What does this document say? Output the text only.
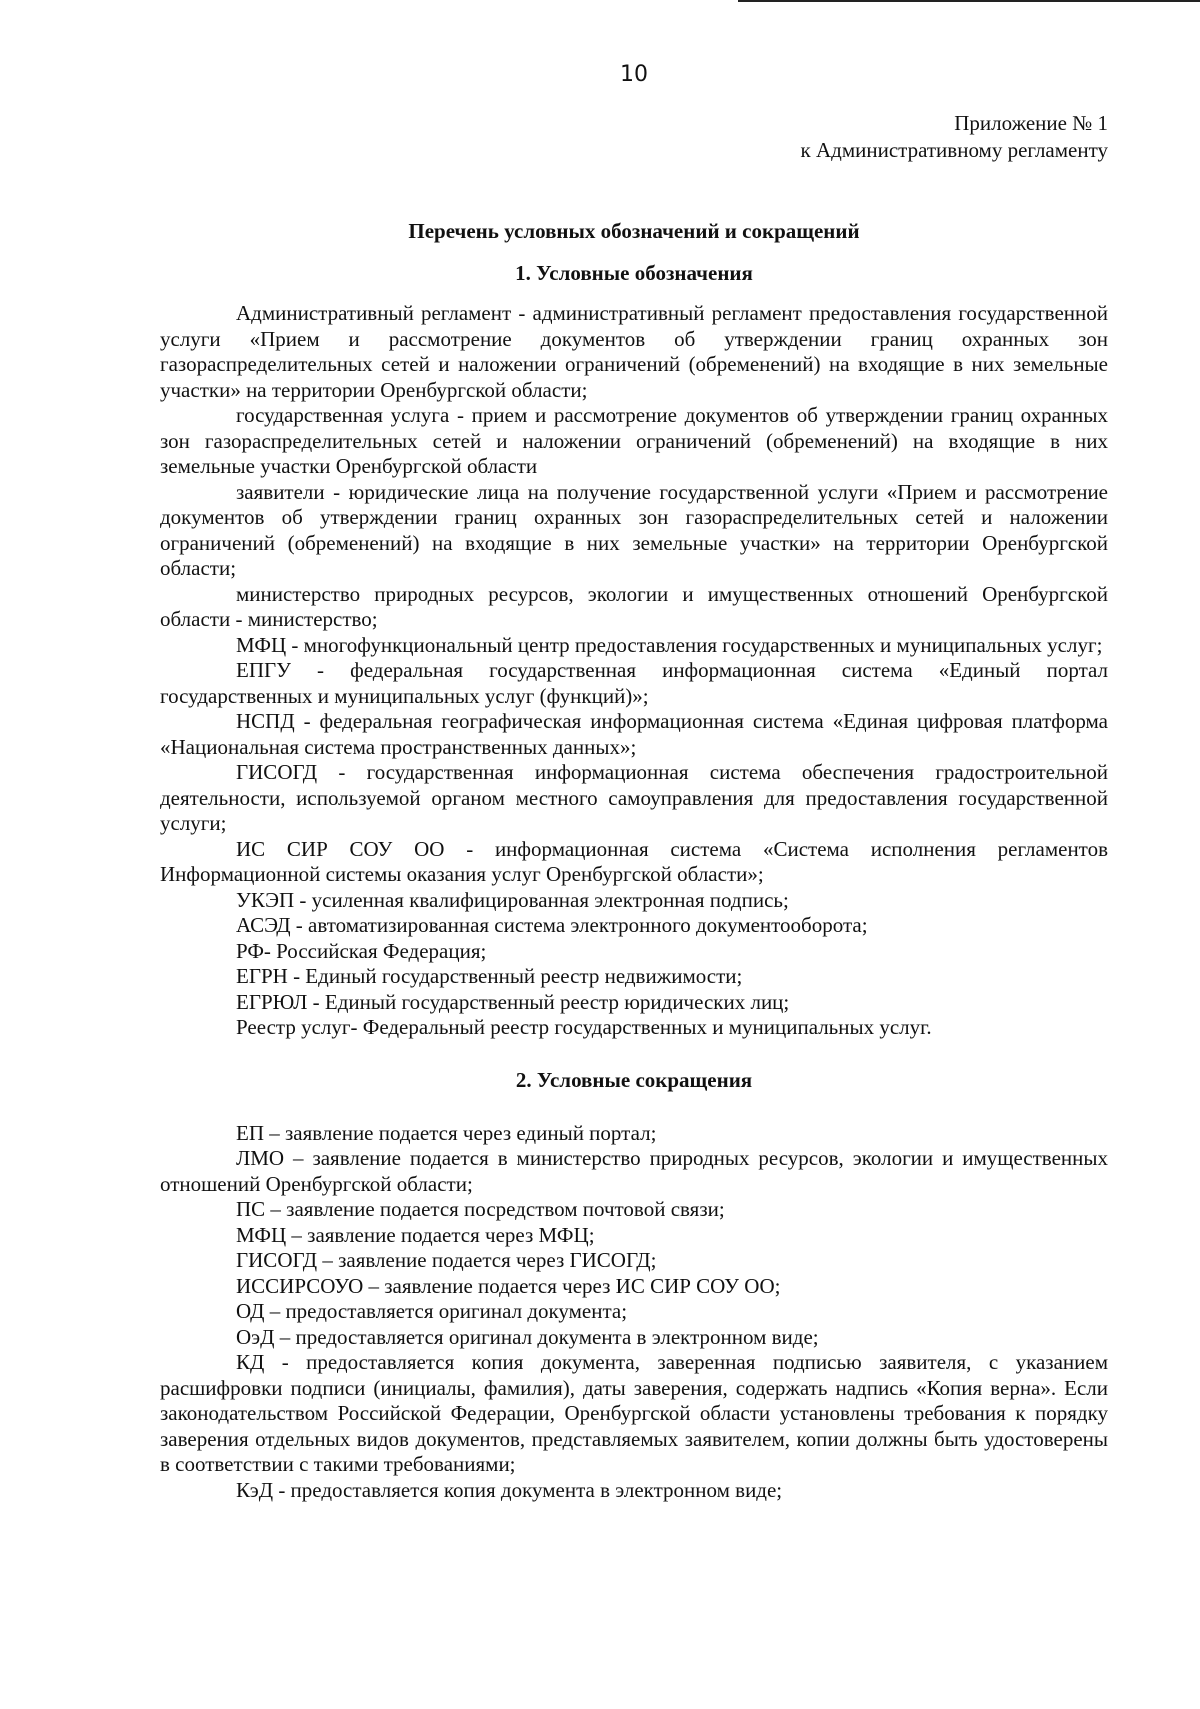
10
Приложение № 1
к Административному регламенту
Перечень условных обозначений и сокращений
1. Условные обозначения

Административный регламент - административный регламент предоставления государственной услуги «Прием и рассмотрение документов об утверждении границ охранных зон газораспределительных сетей и наложении ограничений (обременений) на входящие в них земельные участки» на территории Оренбургской области;

государственная услуга - прием и рассмотрение документов об утверждении границ охранных зон газораспределительных сетей и наложении ограничений (обременений) на входящие в них земельные участки Оренбургской области

заявители - юридические лица на получение государственной услуги «Прием и рассмотрение документов об утверждении границ охранных зон газораспределительных сетей и наложении ограничений (обременений) на входящие в них земельные участки» на территории Оренбургской области;

министерство природных ресурсов, экологии и имущественных отношений Оренбургской области - министерство;

МФЦ - многофункциональный центр предоставления государственных и муниципальных услуг;

ЕПГУ - федеральная государственная информационная система «Единый портал государственных и муниципальных услуг (функций)»;

НСПД - федеральная географическая информационная система «Единая цифровая платформа «Национальная система пространственных данных»;

ГИСОГД - государственная информационная система обеспечения градостроительной деятельности, используемой органом местного самоуправления для предоставления государственной услуги;

ИС СИР СОУ ОО - информационная система «Система исполнения регламентов Информационной системы оказания услуг Оренбургской области»;

УКЭП - усиленная квалифицированная электронная подпись;

АСЭД - автоматизированная система электронного документооборота;

РФ- Российская Федерация;

ЕГРН - Единый государственный реестр недвижимости;

ЕГРЮЛ - Единый государственный реестр юридических лиц;

Реестр услуг- Федеральный реестр государственных и муниципальных услуг.

2. Условные сокращения

ЕП – заявление подается через единый портал;

ЛМО – заявление подается в министерство природных ресурсов, экологии и имущественных отношений Оренбургской области;

ПС – заявление подается посредством почтовой связи;

МФЦ – заявление подается через МФЦ;

ГИСОГД – заявление подается через ГИСОГД;

ИССИРСОУО – заявление подается через ИС СИР СОУ ОО;

ОД – предоставляется оригинал документа;

ОэД – предоставляется оригинал документа в электронном виде;

КД - предоставляется копия документа, заверенная подписью заявителя, с указанием расшифровки подписи (инициалы, фамилия), даты заверения, содержать надпись «Копия верна». Если законодательством Российской Федерации, Оренбургской области установлены требования к порядку заверения отдельных видов документов, представляемых заявителем, копии должны быть удостоверены в соответствии с такими требованиями;

КэД - предоставляется копия документа в электронном виде;
